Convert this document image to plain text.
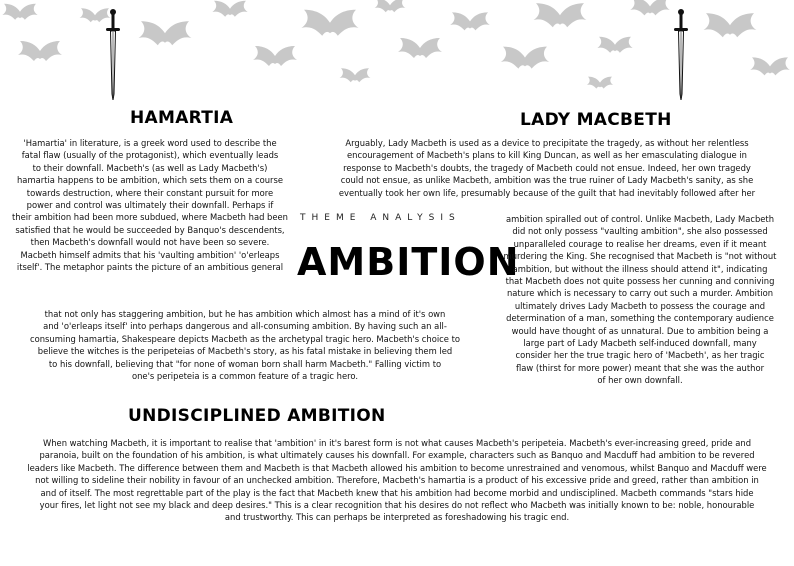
HAMARTIA
'Hamartia' in literature, is a greek word used to describe the
fatal flaw (usually of the protagonist), which eventually leads
to their downfall. Macbeth's (as well as Lady Macbeth's)
hamartia happens to be ambition, which sets them on a course
towards destruction, where their constant pursuit for more
power and control was ultimately their downfall. Perhaps if
their ambition had been more subdued, where Macbeth had been
satisfied that he would be succeeded by Banquo's descendents,
then Macbeth's downfall would not have been so severe.
Macbeth himself admits that his 'vaulting ambition' 'o'erleaps
itself'. The metaphor paints the picture of an ambitious general
LADY MACBETH
Arguably, Lady Macbeth is used as a device to precipitate the tragedy, as without her relentless
encouragement of Macbeth's plans to kill King Duncan, as well as her emasculating dialogue in
response to Macbeth's doubts, the tragedy of Macbeth could not ensue. Indeed, her own tragedy
could not ensue, as unlike Macbeth, ambition was the true ruiner of Lady Macbeth's sanity, as she
eventually took her own life, presumably because of the guilt that had inevitably followed after her
THEME ANALYSIS
AMBITION
ambition spiralled out of control. Unlike Macbeth, Lady Macbeth
did not only possess "vaulting ambition", she also possessed
unparalleled courage to realise her dreams, even if it meant
murdering the King. She recognised that Macbeth is "not without
ambition, but without the illness should attend it", indicating
that Macbeth does not quite possess her cunning and conniving
nature which is necessary to carry out such a murder. Ambition
ultimately drives Lady Macbeth to possess the courage and
determination of a man, something the contemporary audience
would have thought of as unnatural. Due to ambition being a
large part of Lady Macbeth self-induced downfall, many
consider her the true tragic hero of 'Macbeth', as her tragic
flaw (thirst for more power) meant that she was the author
of her own downfall.
that not only has staggering ambition, but he has ambition which almost has a mind of it's own
and 'o'erleaps itself' into perhaps dangerous and all-consuming ambition. By having such an all-
consuming hamartia, Shakespeare depicts Macbeth as the archetypal tragic hero. Macbeth's choice to
believe the witches is the peripeteias of Macbeth's story, as his fatal mistake in believing them led
to his downfall, believing that "for none of woman born shall harm Macbeth." Falling victim to
one's peripeteia is a common feature of a tragic hero.
UNDISCIPLINED AMBITION
When watching Macbeth, it is important to realise that 'ambition' in it's barest form is not what causes Macbeth's peripeteia. Macbeth's ever-increasing greed, pride and
paranoia, built on the foundation of his ambition, is what ultimately causes his downfall. For example, characters such as Banquo and Macduff had ambition to be revered
leaders like Macbeth. The difference between them and Macbeth is that Macbeth allowed his ambition to become unrestrained and venomous, whilst Banquo and Macduff were
not willing to sideline their nobility in favour of an unchecked ambition. Therefore, Macbeth's hamartia is a product of his excessive pride and greed, rather than ambition in
and of itself. The most regrettable part of the play is the fact that Macbeth knew that his ambition had become morbid and undisciplined. Macbeth commands "stars hide
your fires, let light not see my black and deep desires." This is a clear recognition that his desires do not reflect who Macbeth was initially known to be: noble, honourable
and trustworthy. This can perhaps be interpreted as foreshadowing his tragic end.
